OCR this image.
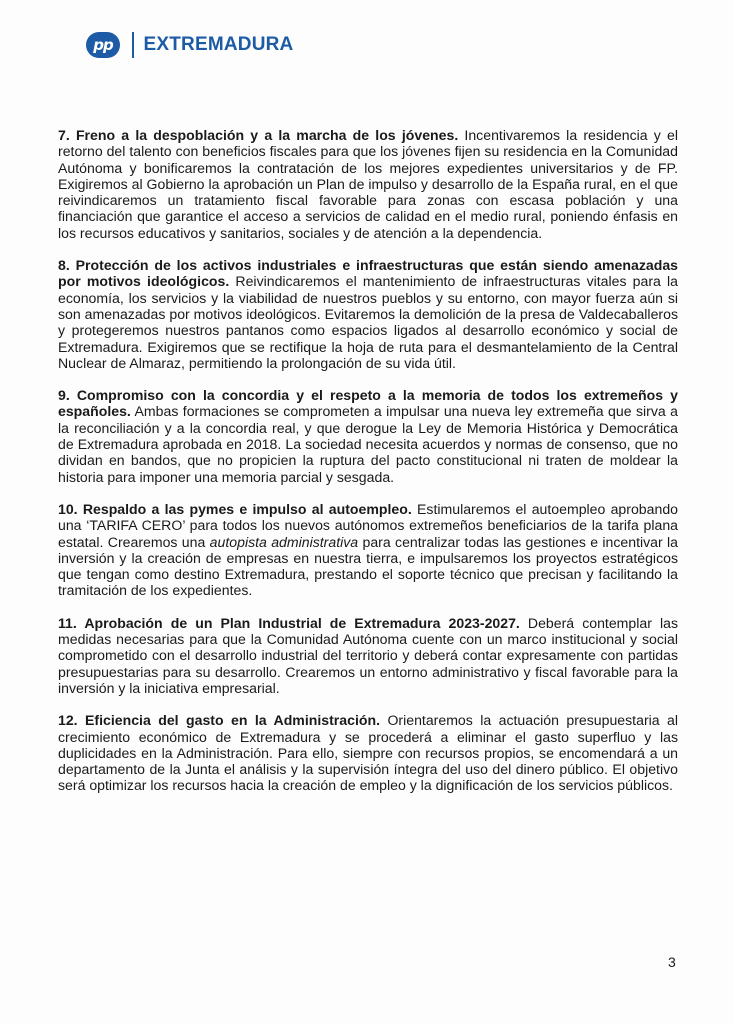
pp	EXTREMADURA

7. Freno a la despoblación y a la marcha de los jóvenes. Incentivaremos la residencia y el retorno del talento con beneficios fiscales para que los jóvenes fijen su residencia en la Comunidad Autónoma y bonificaremos la contratación de los mejores expedientes universitarios y de FP. Exigiremos al Gobierno la aprobación un Plan de impulso y desarrollo de la España rural, en el que reivindicaremos un tratamiento fiscal favorable para zonas con escasa población y una financiación que garantice el acceso a servicios de calidad en el medio rural, poniendo énfasis en los recursos educativos y sanitarios, sociales y de atención a la dependencia.

8. Protección de los activos industriales e infraestructuras que están siendo amenazadas por motivos ideológicos. Reivindicaremos el mantenimiento de infraestructuras vitales para la economía, los servicios y la viabilidad de nuestros pueblos y su entorno, con mayor fuerza aún si son amenazadas por motivos ideológicos. Evitaremos la demolición de la presa de Valdecaballeros y protegeremos nuestros pantanos como espacios ligados al desarrollo económico y social de Extremadura. Exigiremos que se rectifique la hoja de ruta para el desmantelamiento de la Central Nuclear de Almaraz, permitiendo la prolongación de su vida útil.

9. Compromiso con la concordia y el respeto a la memoria de todos los extremeños y españoles. Ambas formaciones se comprometen a impulsar una nueva ley extremeña que sirva a la reconciliación y a la concordia real, y que derogue la Ley de Memoria Histórica y Democrática de Extremadura aprobada en 2018. La sociedad necesita acuerdos y normas de consenso, que no dividan en bandos, que no propicien la ruptura del pacto constitucional ni traten de moldear la historia para imponer una memoria parcial y sesgada.

10. Respaldo a las pymes e impulso al autoempleo. Estimularemos el autoempleo aprobando una ‘TARIFA CERO’ para todos los nuevos autónomos extremeños beneficiarios de la tarifa plana estatal. Crearemos una autopista administrativa para centralizar todas las gestiones e incentivar la inversión y la creación de empresas en nuestra tierra, e impulsaremos los proyectos estratégicos que tengan como destino Extremadura, prestando el soporte técnico que precisan y facilitando la tramitación de los expedientes.

11. Aprobación de un Plan Industrial de Extremadura 2023-2027. Deberá contemplar las medidas necesarias para que la Comunidad Autónoma cuente con un marco institucional y social comprometido con el desarrollo industrial del territorio y deberá contar expresamente con partidas presupuestarias para su desarrollo. Crearemos un entorno administrativo y fiscal favorable para la inversión y la iniciativa empresarial.

12. Eficiencia del gasto en la Administración. Orientaremos la actuación presupuestaria al crecimiento económico de Extremadura y se procederá a eliminar el gasto superfluo y las duplicidades en la Administración. Para ello, siempre con recursos propios, se encomendará a un departamento de la Junta el análisis y la supervisión íntegra del uso del dinero público. El objetivo será optimizar los recursos hacia la creación de empleo y la dignificación de los servicios públicos.

3
